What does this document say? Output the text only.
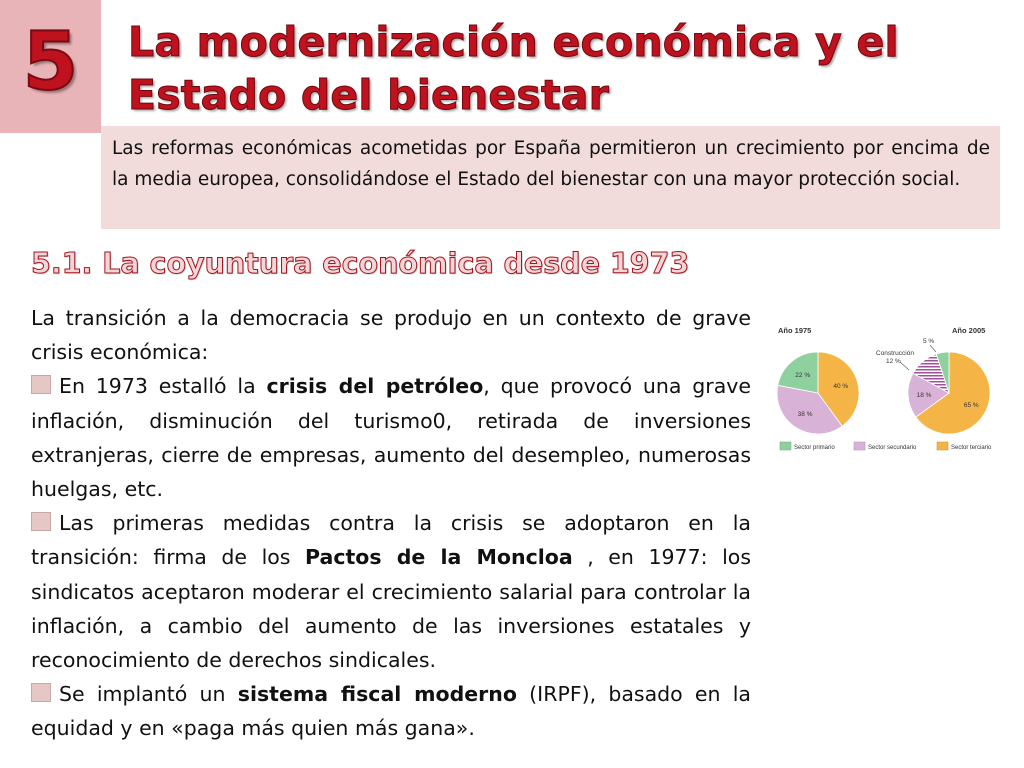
5	La modernización económica y el
Estado del bienestar
Las reformas económicas acometidas por España permitieron un crecimiento por encima de la media europea, consolidándose el Estado del bienestar con una mayor protección social.
5.1. La coyuntura económica desde 1973

La transición a la democracia se produjo en un contexto de grave crisis económica:

En 1973 estalló la crisis del petróleo, que provocó una grave inflación, disminución del turismo0, retirada de inversiones extranjeras, cierre de empresas, aumento del desempleo, numerosas huelgas, etc.

Las primeras medidas contra la crisis se adoptaron en la transición: firma de los Pactos de la Moncloa , en 1977: los sindicatos aceptaron moderar el crecimiento salarial para controlar la inflación, a cambio del aumento de las inversiones estatales y reconocimiento de derechos sindicales.

Se implantó un sistema fiscal moderno (IRPF), basado en la equidad y en «paga más quien más gana».

Año 1975	Año 2005
40 %
38 %
22 %
65 %
18 %
Construcción
12 %
5 %
Sector primario	Sector secundario	Sector terciario
